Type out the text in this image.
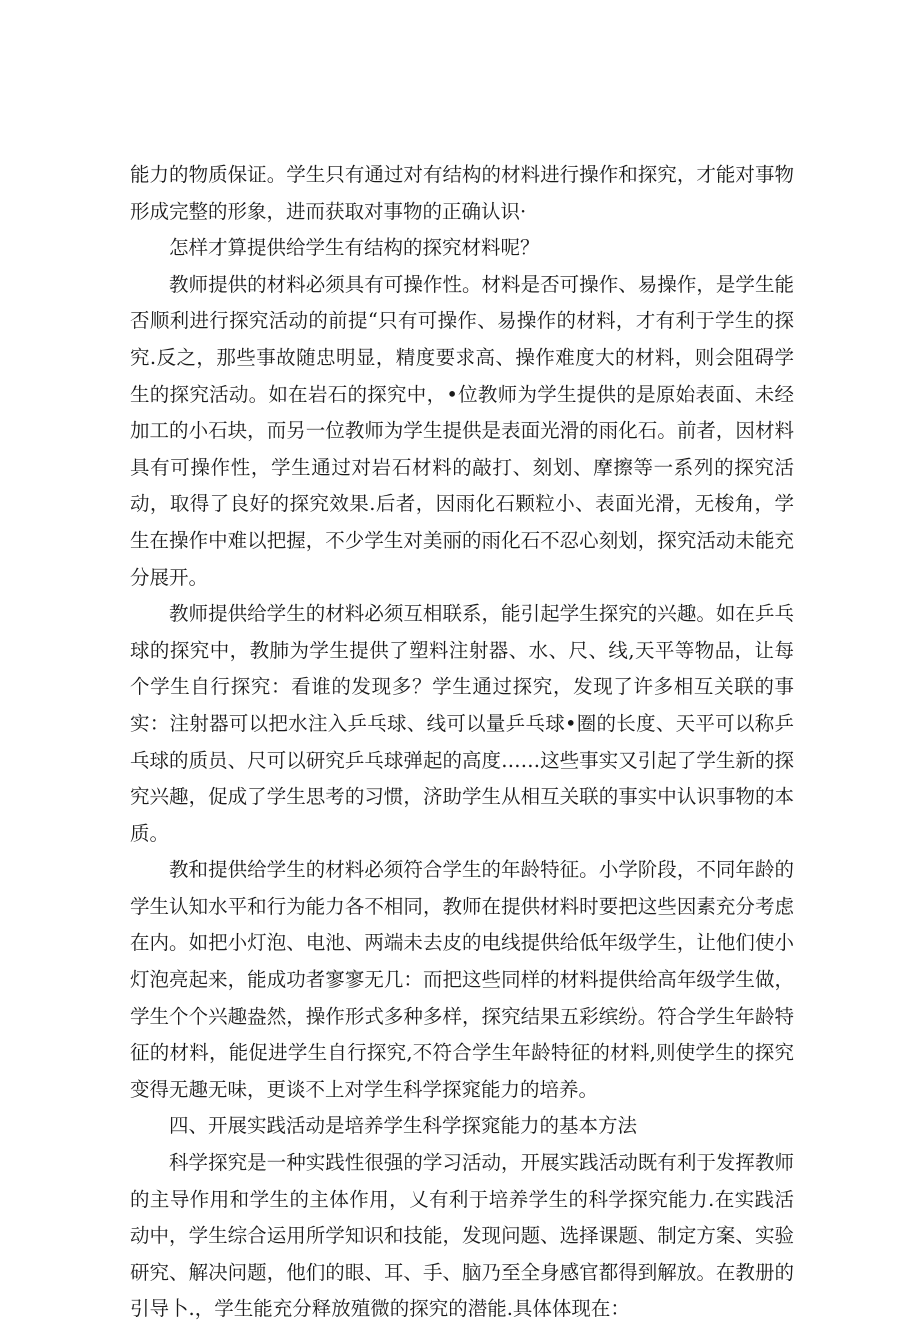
能力的物质保证。学生只有通过对有结构的材料进行操作和探究，才能对事物形成完整的形象，进而获取对事物的正确认识·

怎样才算提供给学生有结构的探究材料呢？

教师提供的材料必须具有可操作性。材料是否可操作、易操作，是学生能否顺利进行探究活动的前提“只有可操作、易操作的材料，才有利于学生的探究.反之，那些事故随忠明显，精度要求高、操作难度大的材料，则会阻碍学生的探究活动。如在岩石的探究中，•位教师为学生提供的是原始表面、未经加工的小石块，而另一位教师为学生提供是表面光滑的雨化石。前者，因材料具有可操作性，学生通过对岩石材料的敲打、刻划、摩擦等一系列的探究活动，取得了良好的探究效果.后者，因雨化石颗粒小、表面光滑，无梭角，学生在操作中难以把握，不少学生对美丽的雨化石不忍心刻划，探究活动未能充分展开。

教师提供给学生的材料必须互相联系，能引起学生探究的兴趣。如在乒乓球的探究中，教肺为学生提供了塑料注射器、水、尺、线,天平等物品，让每个学生自行探究：看谁的发现多？学生通过探究，发现了许多相互关联的事实：注射器可以把水注入乒乓球、线可以量乒乓球•圈的长度、天平可以称乒乓球的质员、尺可以研究乒乓球弹起的高度……这些事实又引起了学生新的探究兴趣，促成了学生思考的习惯，济助学生从相互关联的事实中认识事物的本质。

教和提供给学生的材料必须符合学生的年龄特征。小学阶段，不同年龄的学生认知水平和行为能力各不相同，教师在提供材料时要把这些因素充分考虑在内。如把小灯泡、电池、两端未去皮的电线提供给低年级学生，让他们使小灯泡亮起来，能成功者寥寥无几：而把这些同样的材料提供给高年级学生做，学生个个兴趣盎然，操作形式多种多样，探究结果五彩缤纷。符合学生年龄特征的材料，能促进学生自行探究,不符合学生年龄特征的材料,则使学生的探究变得无趣无味，更谈不上对学生科学探窕能力的培养。

四、开展实践活动是培养学生科学探窕能力的基本方法

科学探究是一种实践性很强的学习活动，开展实践活动既有利于发挥教师的主导作用和学生的主体作用，乂有利于培养学生的科学探究能力.在实践活动中，学生综合运用所学知识和技能，发现问题、选择课题、制定方案、实验研究、解决问题，他们的眼、耳、手、脑乃至全身感官都得到解放。在教册的引导卜.，学生能充分释放殖微的探究的潜能.具体体现在：
